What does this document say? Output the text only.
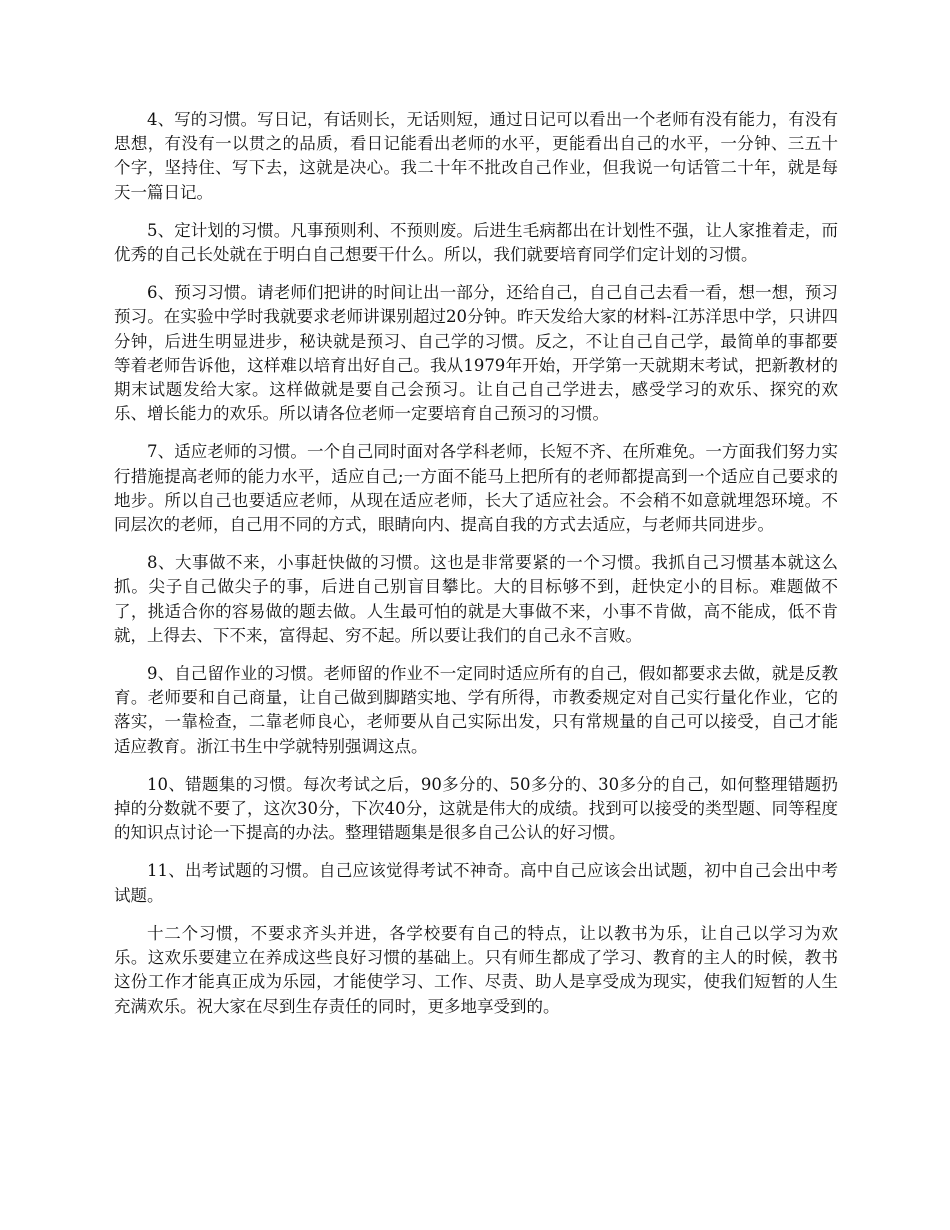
4、写的习惯。写日记，有话则长，无话则短，通过日记可以看出一个老师有没有能力，有没有思想，有没有一以贯之的品质，看日记能看出老师的水平，更能看出自己的水平，一分钟、三五十个字，坚持住、写下去，这就是决心。我二十年不批改自己作业，但我说一句话管二十年，就是每天一篇日记。

5、定计划的习惯。凡事预则利、不预则废。后进生毛病都出在计划性不强，让人家推着走，而优秀的自己长处就在于明白自己想要干什么。所以，我们就要培育同学们定计划的习惯。

6、预习习惯。请老师们把讲的时间让出一部分，还给自己，自己自己去看一看，想一想，预习预习。在实验中学时我就要求老师讲课别超过20分钟。昨天发给大家的材料-江苏洋思中学，只讲四分钟，后进生明显进步，秘诀就是预习、自己学的习惯。反之，不让自己自己学，最简单的事都要等着老师告诉他，这样难以培育出好自己。我从1979年开始，开学第一天就期末考试，把新教材的期末试题发给大家。这样做就是要自己会预习。让自己自己学进去，感受学习的欢乐、探究的欢乐、增长能力的欢乐。所以请各位老师一定要培育自己预习的习惯。

7、适应老师的习惯。一个自己同时面对各学科老师，长短不齐、在所难免。一方面我们努力实行措施提高老师的能力水平，适应自己;一方面不能马上把所有的老师都提高到一个适应自己要求的地步。所以自己也要适应老师，从现在适应老师，长大了适应社会。不会稍不如意就埋怨环境。不同层次的老师，自己用不同的方式，眼睛向内、提高自我的方式去适应，与老师共同进步。

8、大事做不来，小事赶快做的习惯。这也是非常要紧的一个习惯。我抓自己习惯基本就这么抓。尖子自己做尖子的事，后进自己别盲目攀比。大的目标够不到，赶快定小的目标。难题做不了，挑适合你的容易做的题去做。人生最可怕的就是大事做不来，小事不肯做，高不能成，低不肯就，上得去、下不来，富得起、穷不起。所以要让我们的自己永不言败。

9、自己留作业的习惯。老师留的作业不一定同时适应所有的自己，假如都要求去做，就是反教育。老师要和自己商量，让自己做到脚踏实地、学有所得，市教委规定对自己实行量化作业，它的落实，一靠检查，二靠老师良心，老师要从自己实际出发，只有常规量的自己可以接受，自己才能适应教育。浙江书生中学就特别强调这点。

10、错题集的习惯。每次考试之后，90多分的、50多分的、30多分的自己，如何整理错题扔掉的分数就不要了，这次30分，下次40分，这就是伟大的成绩。找到可以接受的类型题、同等程度的知识点讨论一下提高的办法。整理错题集是很多自己公认的好习惯。

11、出考试题的习惯。自己应该觉得考试不神奇。高中自己应该会出试题，初中自己会出中考试题。

十二个习惯，不要求齐头并进，各学校要有自己的特点，让以教书为乐，让自己以学习为欢乐。这欢乐要建立在养成这些良好习惯的基础上。只有师生都成了学习、教育的主人的时候，教书这份工作才能真正成为乐园，才能使学习、工作、尽责、助人是享受成为现实，使我们短暂的人生充满欢乐。祝大家在尽到生存责任的同时，更多地享受到的。
